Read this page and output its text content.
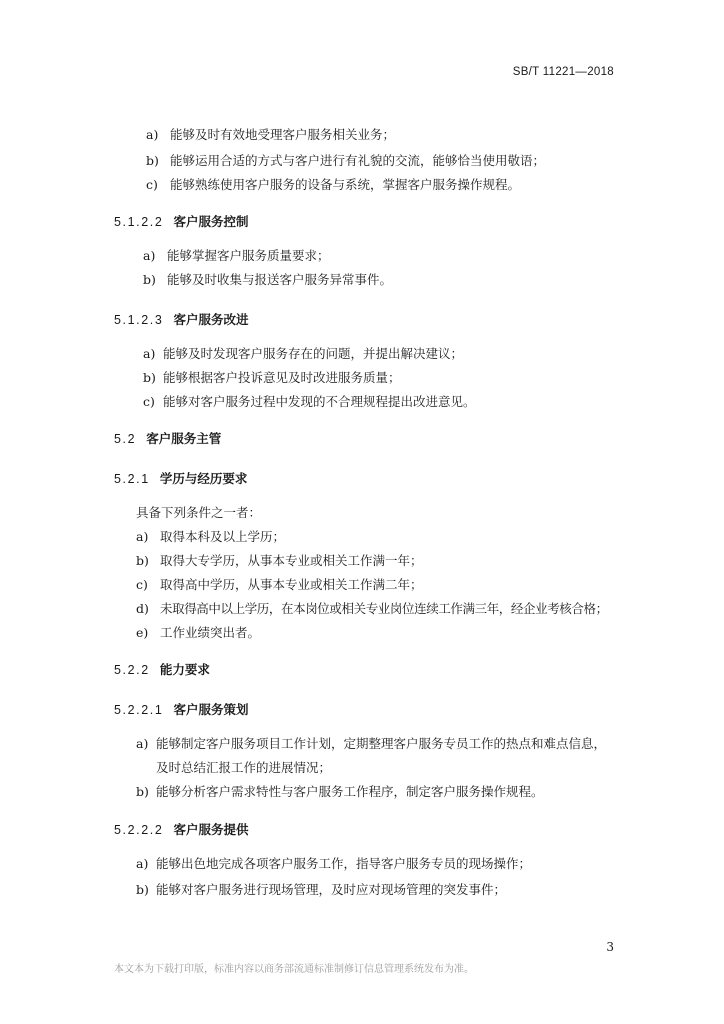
SB/T 11221—2018
a) 能够及时有效地受理客户服务相关业务；
b) 能够运用合适的方式与客户进行有礼貌的交流，能够恰当使用敬语；
c) 能够熟练使用客户服务的设备与系统，掌握客户服务操作规程。
5.1.2.2 客户服务控制
a) 能够掌握客户服务质量要求；
b) 能够及时收集与报送客户服务异常事件。
5.1.2.3 客户服务改进
a) 能够及时发现客户服务存在的问题，并提出解决建议；
b) 能够根据客户投诉意见及时改进服务质量；
c) 能够对客户服务过程中发现的不合理规程提出改进意见。
5.2 客户服务主管
5.2.1 学历与经历要求
具备下列条件之一者：
a) 取得本科及以上学历；
b) 取得大专学历，从事本专业或相关工作满一年；
c) 取得高中学历，从事本专业或相关工作满二年；
d) 未取得高中以上学历，在本岗位或相关专业岗位连续工作满三年，经企业考核合格；
e) 工作业绩突出者。
5.2.2 能力要求
5.2.2.1 客户服务策划
a) 能够制定客户服务项目工作计划，定期整理客户服务专员工作的热点和难点信息，
及时总结汇报工作的进展情况；
b) 能够分析客户需求特性与客户服务工作程序，制定客户服务操作规程。
5.2.2.2 客户服务提供
a) 能够出色地完成各项客户服务工作，指导客户服务专员的现场操作；
b) 能够对客户服务进行现场管理，及时应对现场管理的突发事件；
3
本文本为下载打印版，标准内容以商务部流通标准制修订信息管理系统发布为准。
